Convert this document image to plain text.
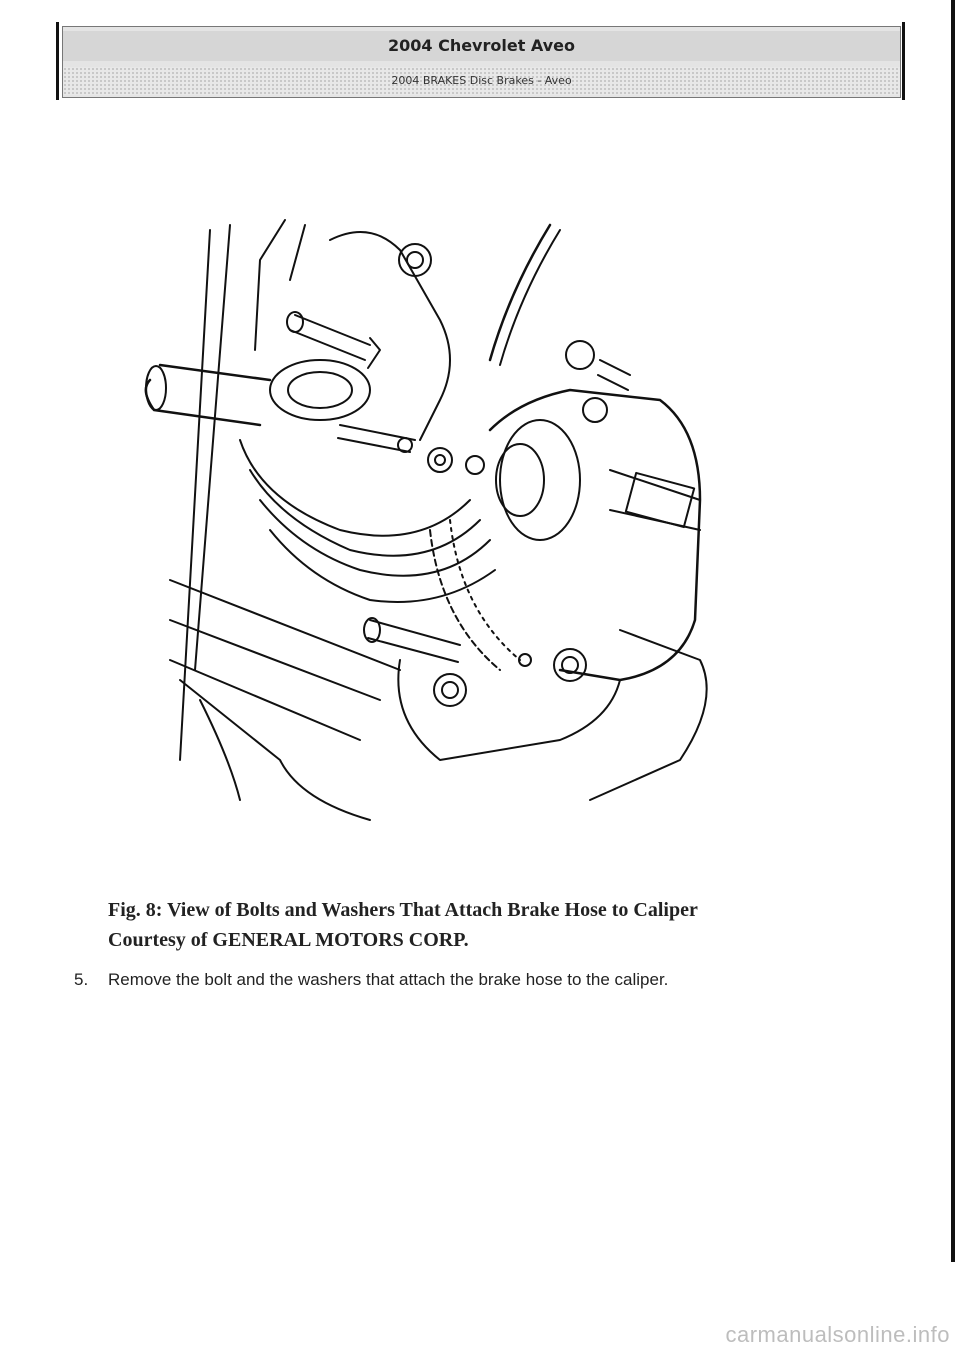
2004 Chevrolet Aveo
2004 BRAKES Disc Brakes - Aveo
Fig. 8: View of Bolts and Washers That Attach Brake Hose to Caliper
Courtesy of GENERAL MOTORS CORP.
5. Remove the bolt and the washers that attach the brake hose to the caliper.
carmanualsonline.info
